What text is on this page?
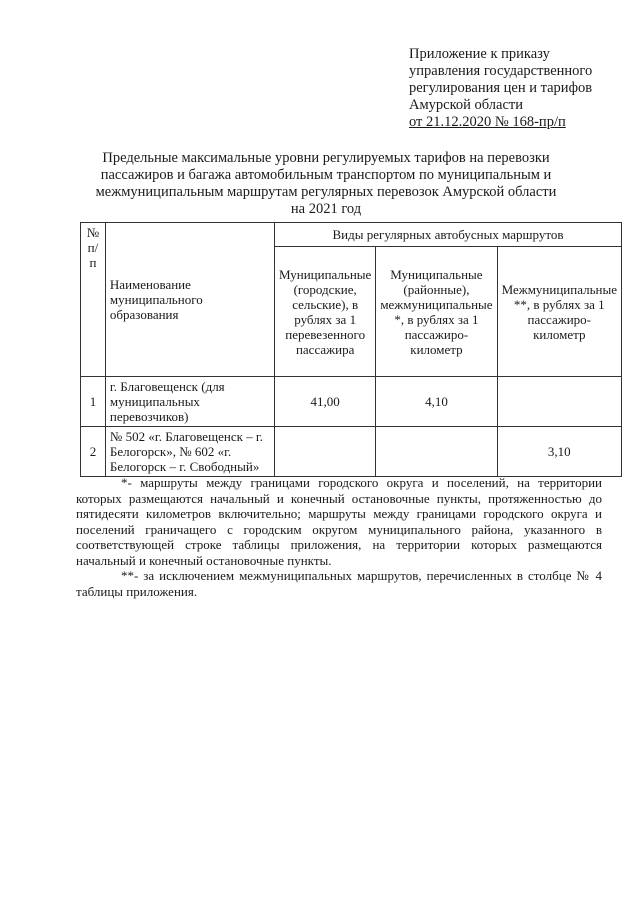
Приложение к приказу
управления государственного
регулирования цен и тарифов
Амурской области
от 21.12.2020 № 168-пр/п
Предельные максимальные уровни регулируемых тарифов на перевозки пассажиров и багажа автомобильным транспортом по муниципальным и межмуниципальным маршрутам регулярных перевозок Амурской области на 2021 год
№ п/п	Наименование муниципального образования	Виды регулярных автобусных маршрутов		
		Муниципальные (городские, сельские), в рублях за 1 перевезенного пассажира	Муниципальные (районные), межмуниципальные *, в рублях за 1 пассажиро-километр	Межмуниципальные **, в рублях за 1 пассажиро-километр
1	г. Благовещенск (для муниципальных перевозчиков)	41,00	4,10	
2	№ 502 «г. Благовещенск – г. Белогорск», № 602 «г. Белогорск – г. Свободный»			3,10

*- маршруты между границами городского округа и поселений, на территории которых размещаются начальный и конечный остановочные пункты, протяженностью до пятидесяти километров включительно; маршруты между границами городского округа и поселений граничащего с городским округом муниципального района, указанного в соответствующей строке таблицы приложения, на территории которых размещаются начальный и конечный остановочные пункты.

**- за исключением межмуниципальных маршрутов, перечисленных в столбце № 4 таблицы приложения.
